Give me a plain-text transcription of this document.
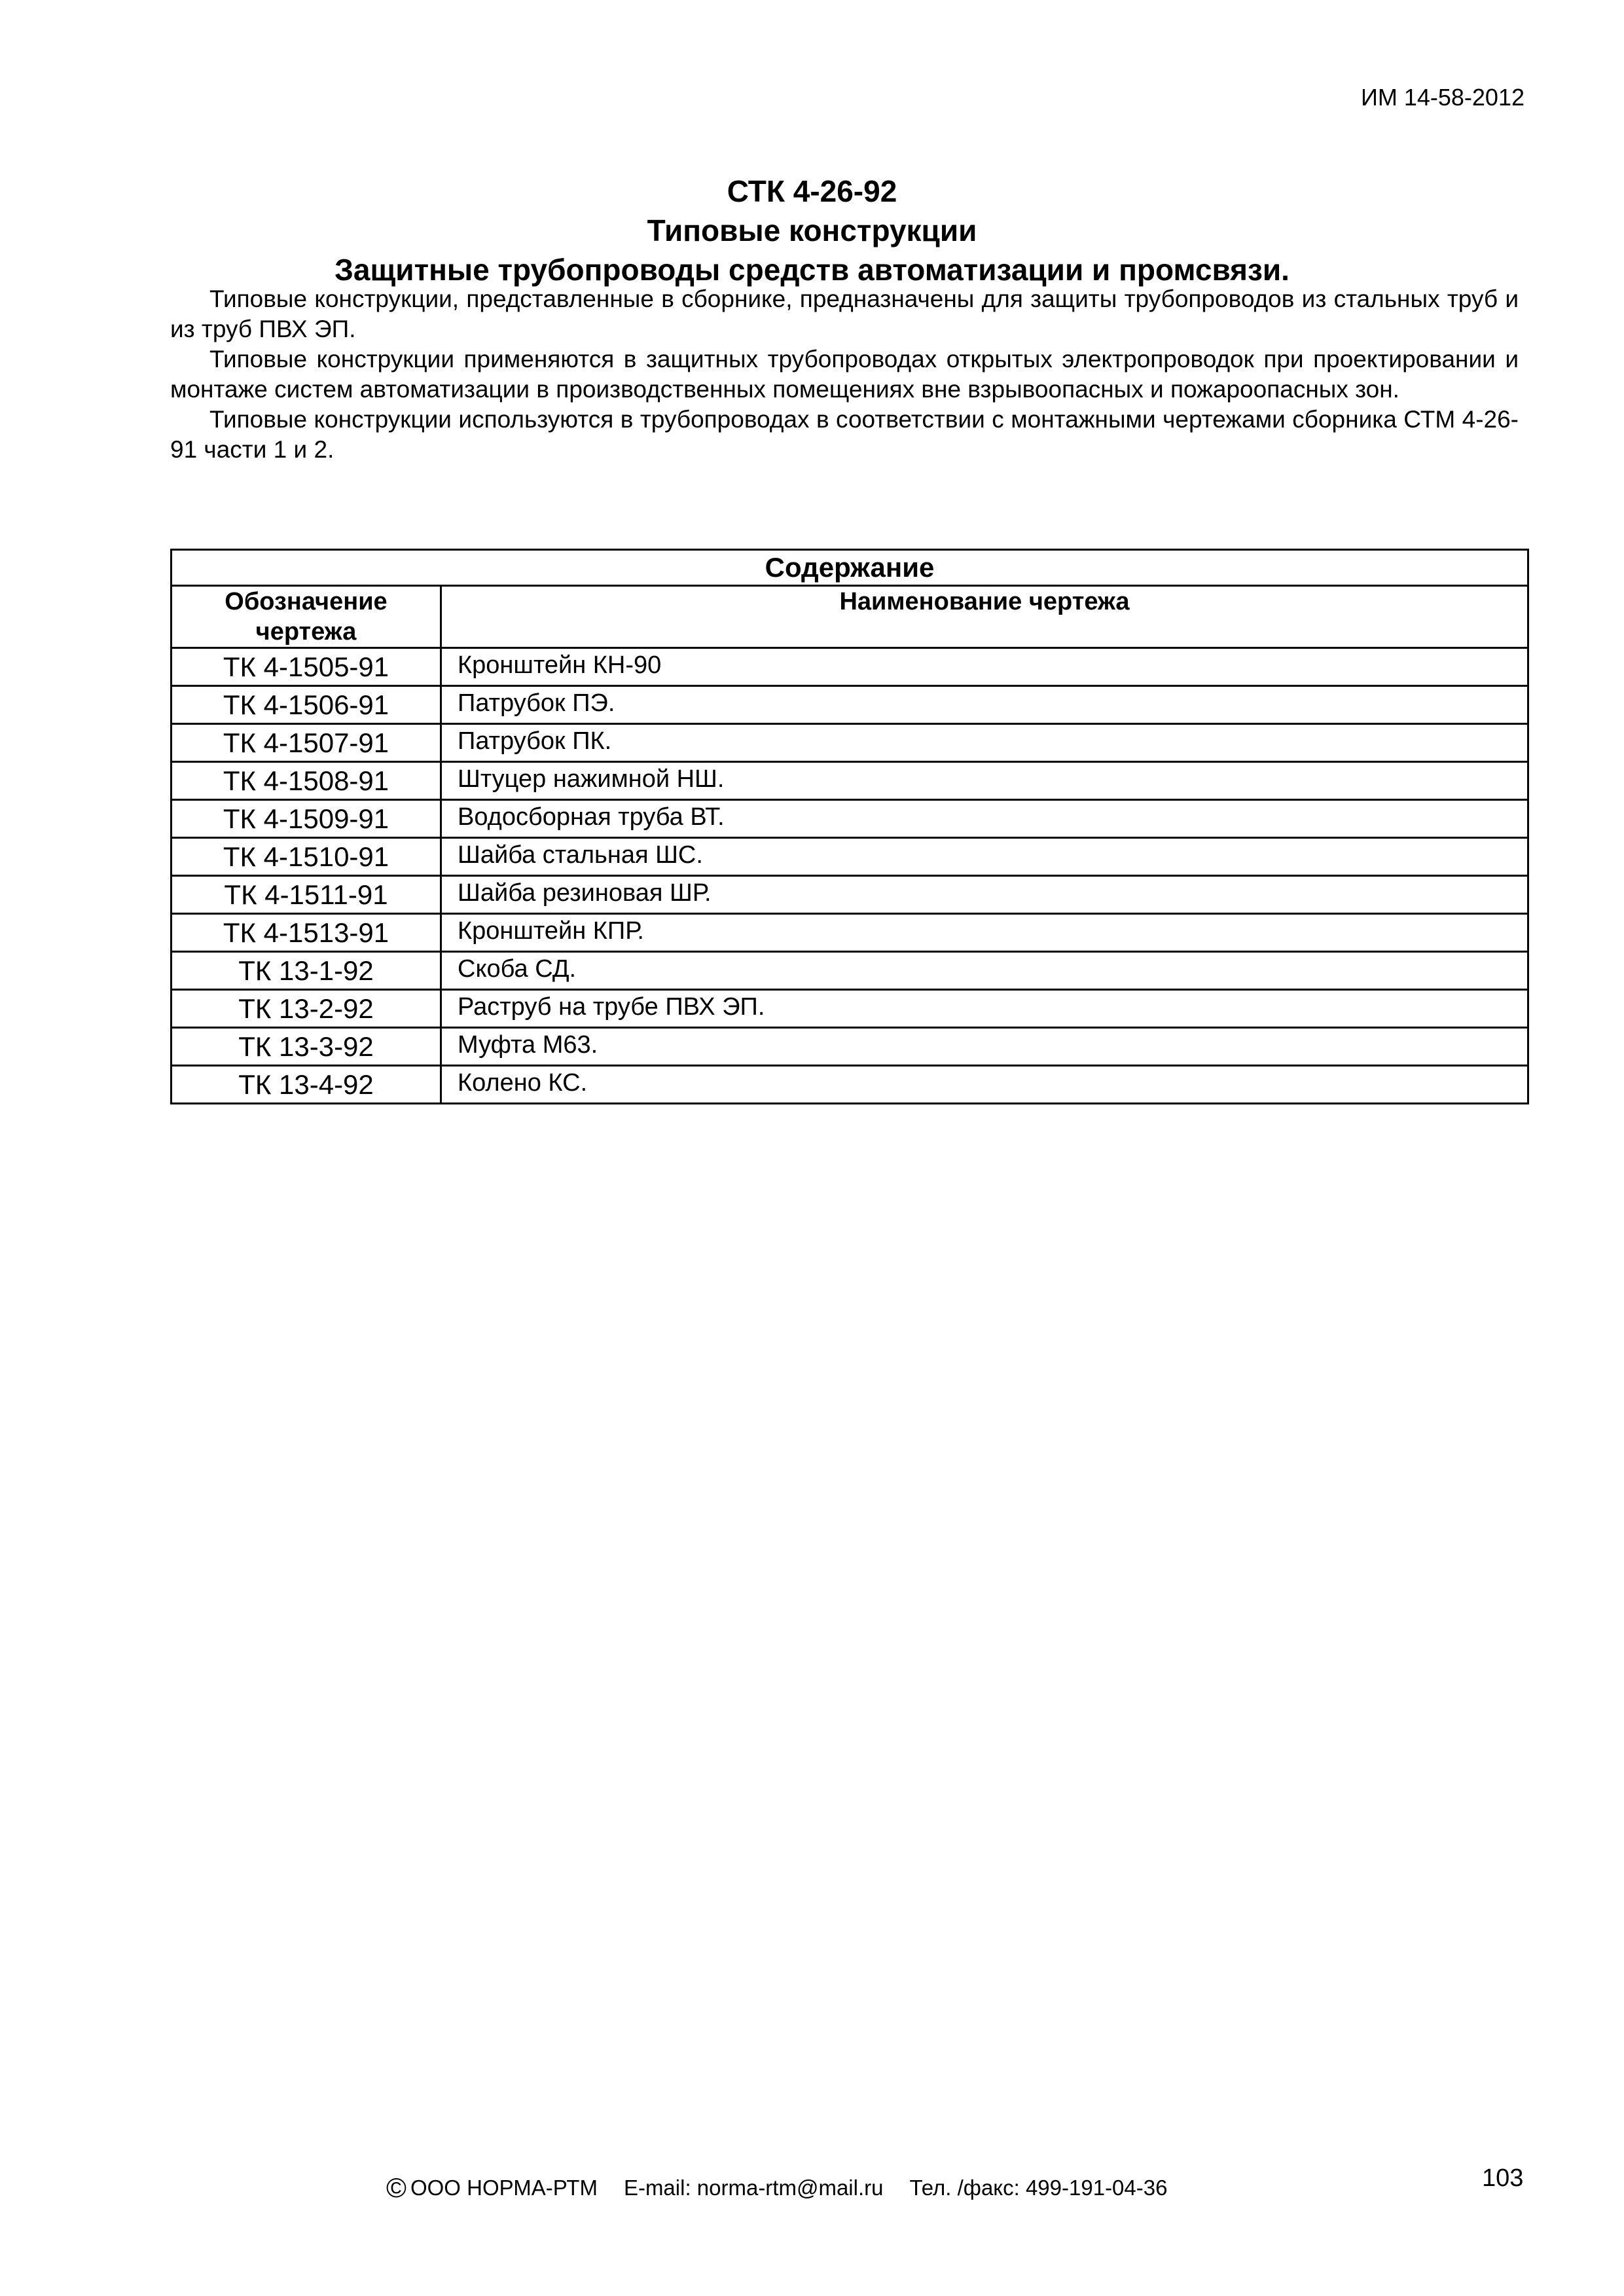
ИМ 14-58-2012
СТК 4-26-92
Типовые конструкции
Защитные трубопроводы средств автоматизации и промсвязи.

Типовые конструкции, представленные в сборнике, предназначены для защиты трубопроводов из стальных труб и из труб ПВХ ЭП.

Типовые конструкции применяются в защитных трубопроводах открытых электропроводок при проектировании и монтаже систем автоматизации в производственных помещениях вне взрывоопасных и пожароопасных зон.

Типовые конструкции используются в трубопроводах в соответствии с монтажными чертежами сборника СТМ 4-26-91 части 1 и 2.

Содержание	
Обозначение чертежа	Наименование чертежа
ТК 4-1505-91	Кронштейн КН-90
ТК 4-1506-91	Патрубок ПЭ.
ТК 4-1507-91	Патрубок ПК.
ТК 4-1508-91	Штуцер нажимной НШ.
ТК 4-1509-91	Водосборная труба ВТ.
ТК 4-1510-91	Шайба стальная ШС.
ТК 4-1511-91	Шайба резиновая ШР.
ТК 4-1513-91	Кронштейн КПР.
ТК 13-1-92	Скоба СД.
ТК 13-2-92	Раструб на трубе ПВХ ЭП.
ТК 13-3-92	Муфта М63.
ТК 13-4-92	Колено КС.
© ООО НОРМА-РТМ E-mail: norma-rtm@mail.ru Тел. /факс: 499-191-04-36	103
